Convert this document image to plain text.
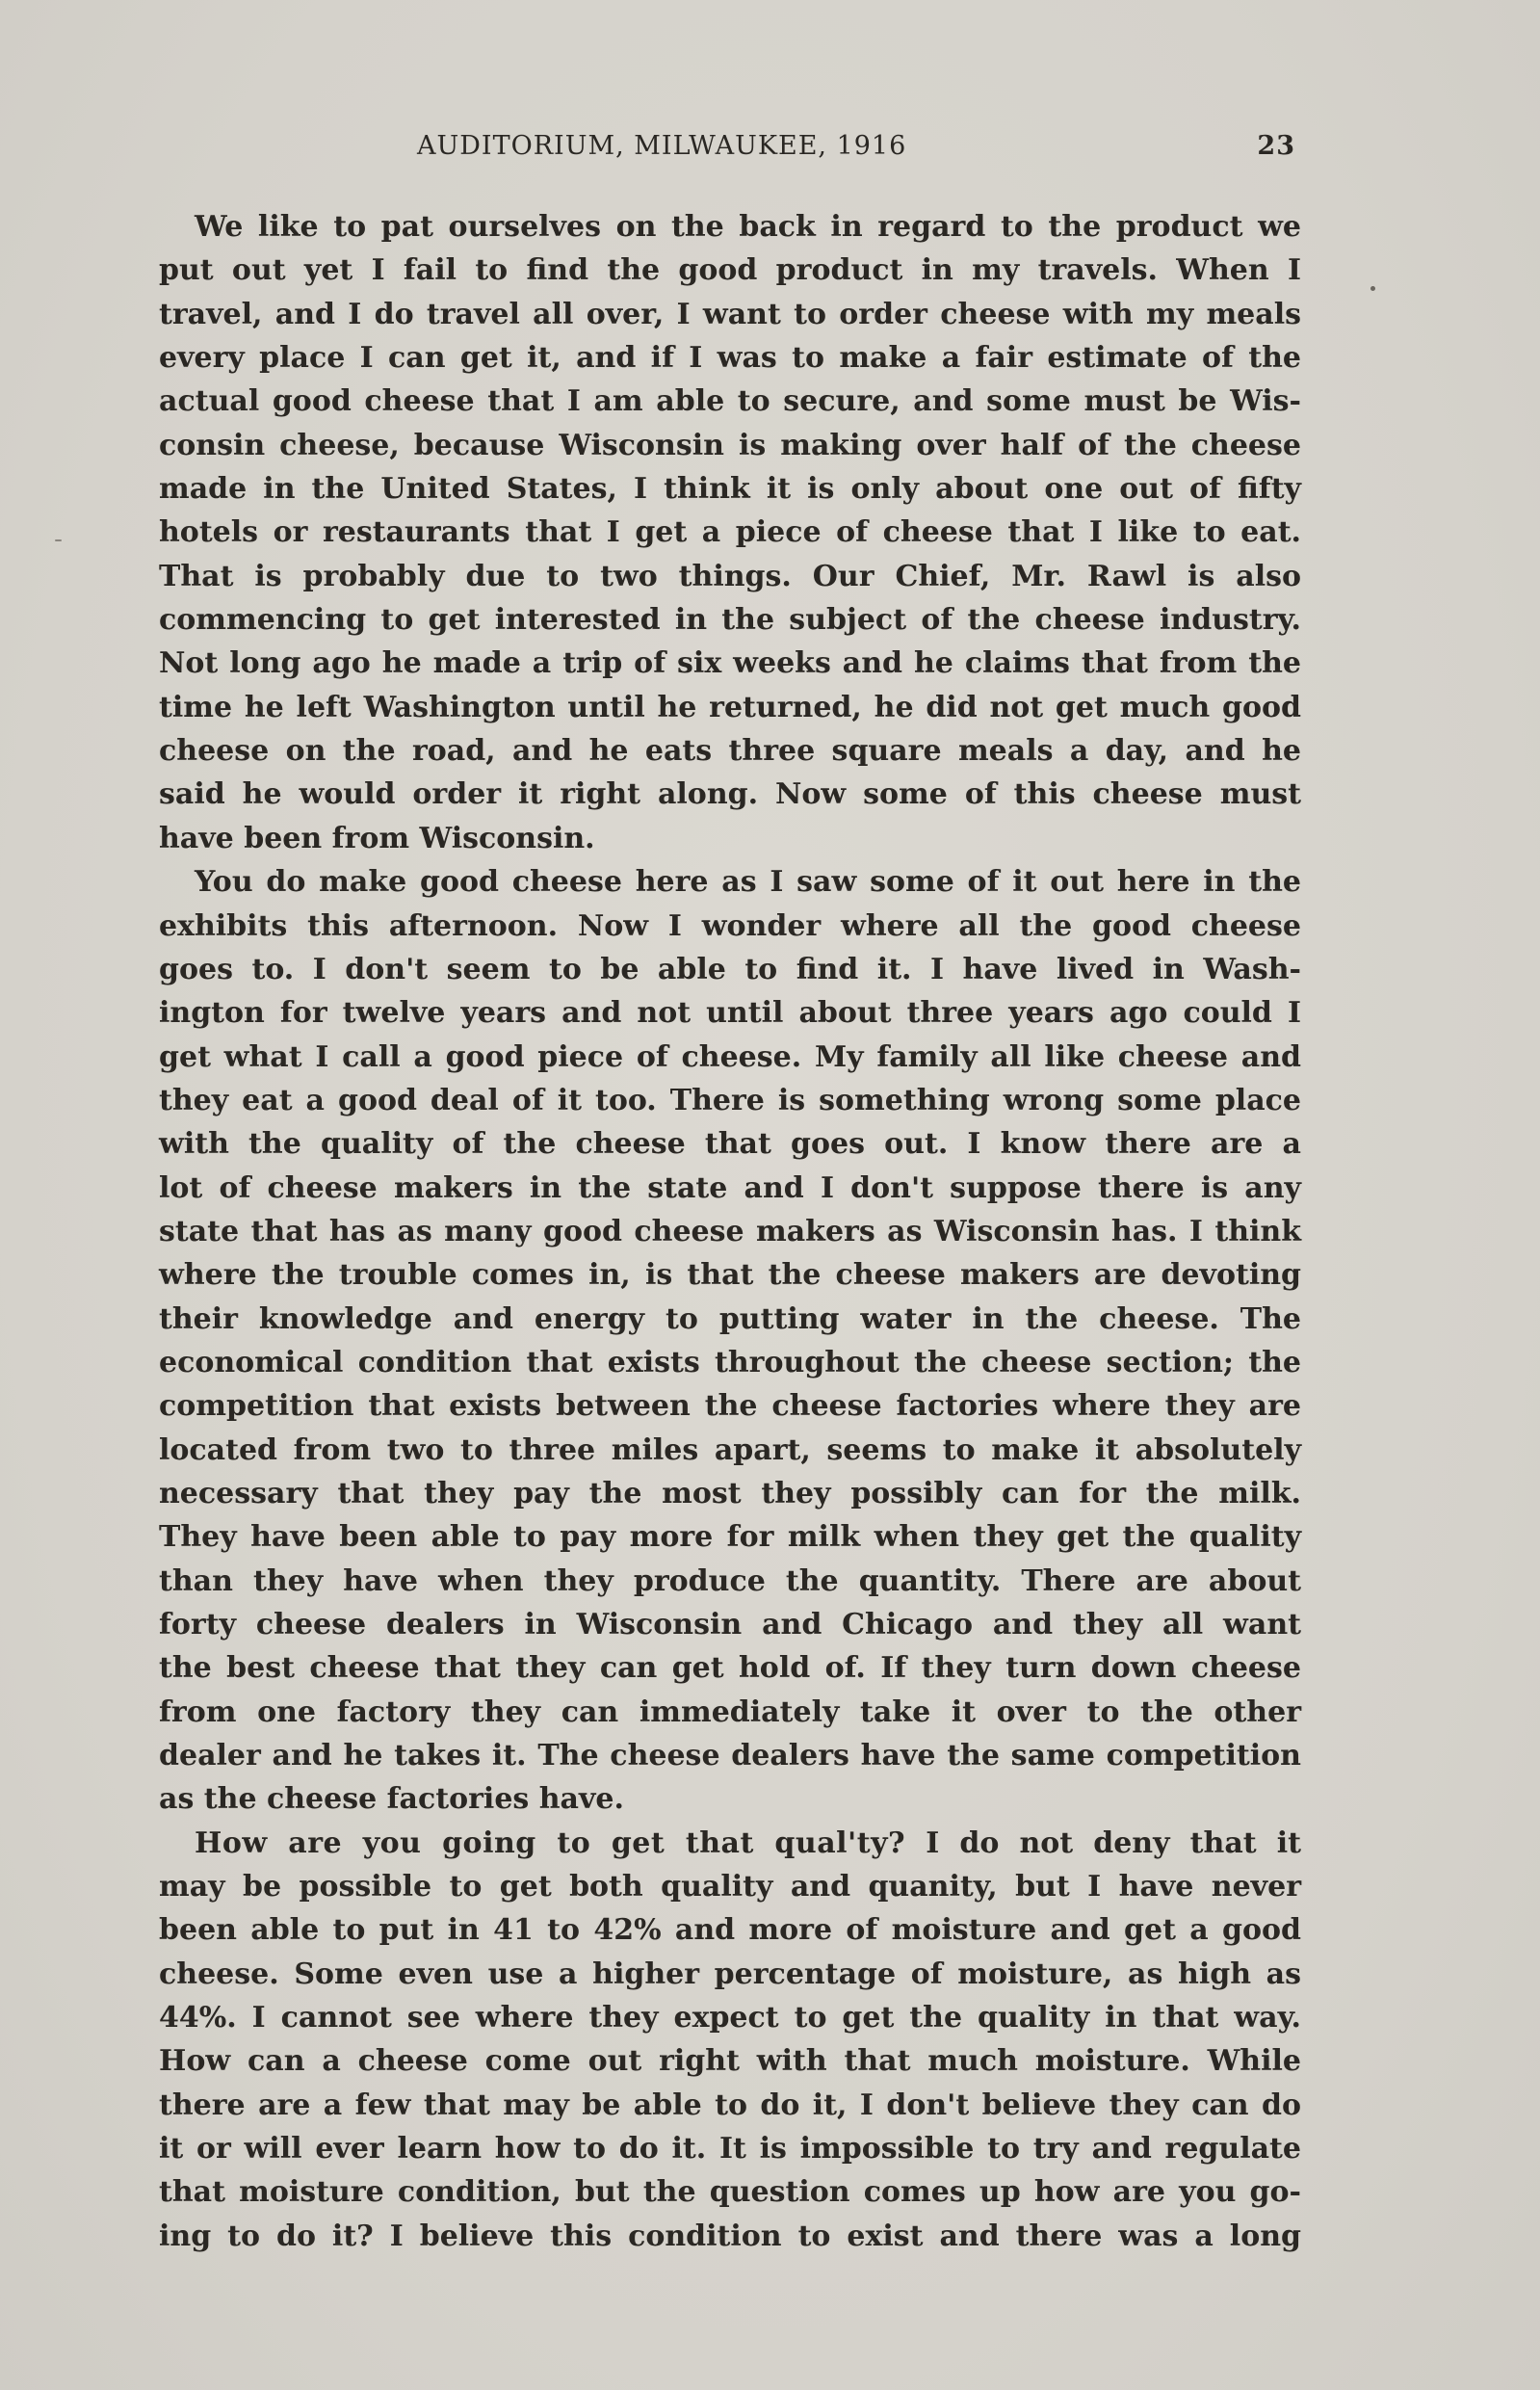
AUDITORIUM, MILWAUKEE, 1916	23
We like to pat ourselves on the back in regard to the product we
put out yet I fail to find the good product in my travels. When I
travel, and I do travel all over, I want to order cheese with my meals
every place I can get it, and if I was to make a fair estimate of the
actual good cheese that I am able to secure, and some must be Wis-
consin cheese, because Wisconsin is making over half of the cheese
made in the United States, I think it is only about one out of fifty
hotels or restaurants that I get a piece of cheese that I like to eat.
That is probably due to two things. Our Chief, Mr. Rawl is also
commencing to get interested in the subject of the cheese industry.
Not long ago he made a trip of six weeks and he claims that from the
time he left Washington until he returned, he did not get much good
cheese on the road, and he eats three square meals a day, and he
said he would order it right along. Now some of this cheese must
have been from Wisconsin.
You do make good cheese here as I saw some of it out here in the
exhibits this afternoon. Now I wonder where all the good cheese
goes to. I don't seem to be able to find it. I have lived in Wash-
ington for twelve years and not until about three years ago could I
get what I call a good piece of cheese. My family all like cheese and
they eat a good deal of it too. There is something wrong some place
with the quality of the cheese that goes out. I know there are a
lot of cheese makers in the state and I don't suppose there is any
state that has as many good cheese makers as Wisconsin has. I think
where the trouble comes in, is that the cheese makers are devoting
their knowledge and energy to putting water in the cheese. The
economical condition that exists throughout the cheese section; the
competition that exists between the cheese factories where they are
located from two to three miles apart, seems to make it absolutely
necessary that they pay the most they possibly can for the milk.
They have been able to pay more for milk when they get the quality
than they have when they produce the quantity. There are about
forty cheese dealers in Wisconsin and Chicago and they all want
the best cheese that they can get hold of. If they turn down cheese
from one factory they can immediately take it over to the other
dealer and he takes it. The cheese dealers have the same competition
as the cheese factories have.
How are you going to get that qual'ty? I do not deny that it
may be possible to get both quality and quanity, but I have never
been able to put in 41 to 42% and more of moisture and get a good
cheese. Some even use a higher percentage of moisture, as high as
44%. I cannot see where they expect to get the quality in that way.
How can a cheese come out right with that much moisture. While
there are a few that may be able to do it, I don't believe they can do
it or will ever learn how to do it. It is impossible to try and regulate
that moisture condition, but the question comes up how are you go-
ing to do it? I believe this condition to exist and there was a long
